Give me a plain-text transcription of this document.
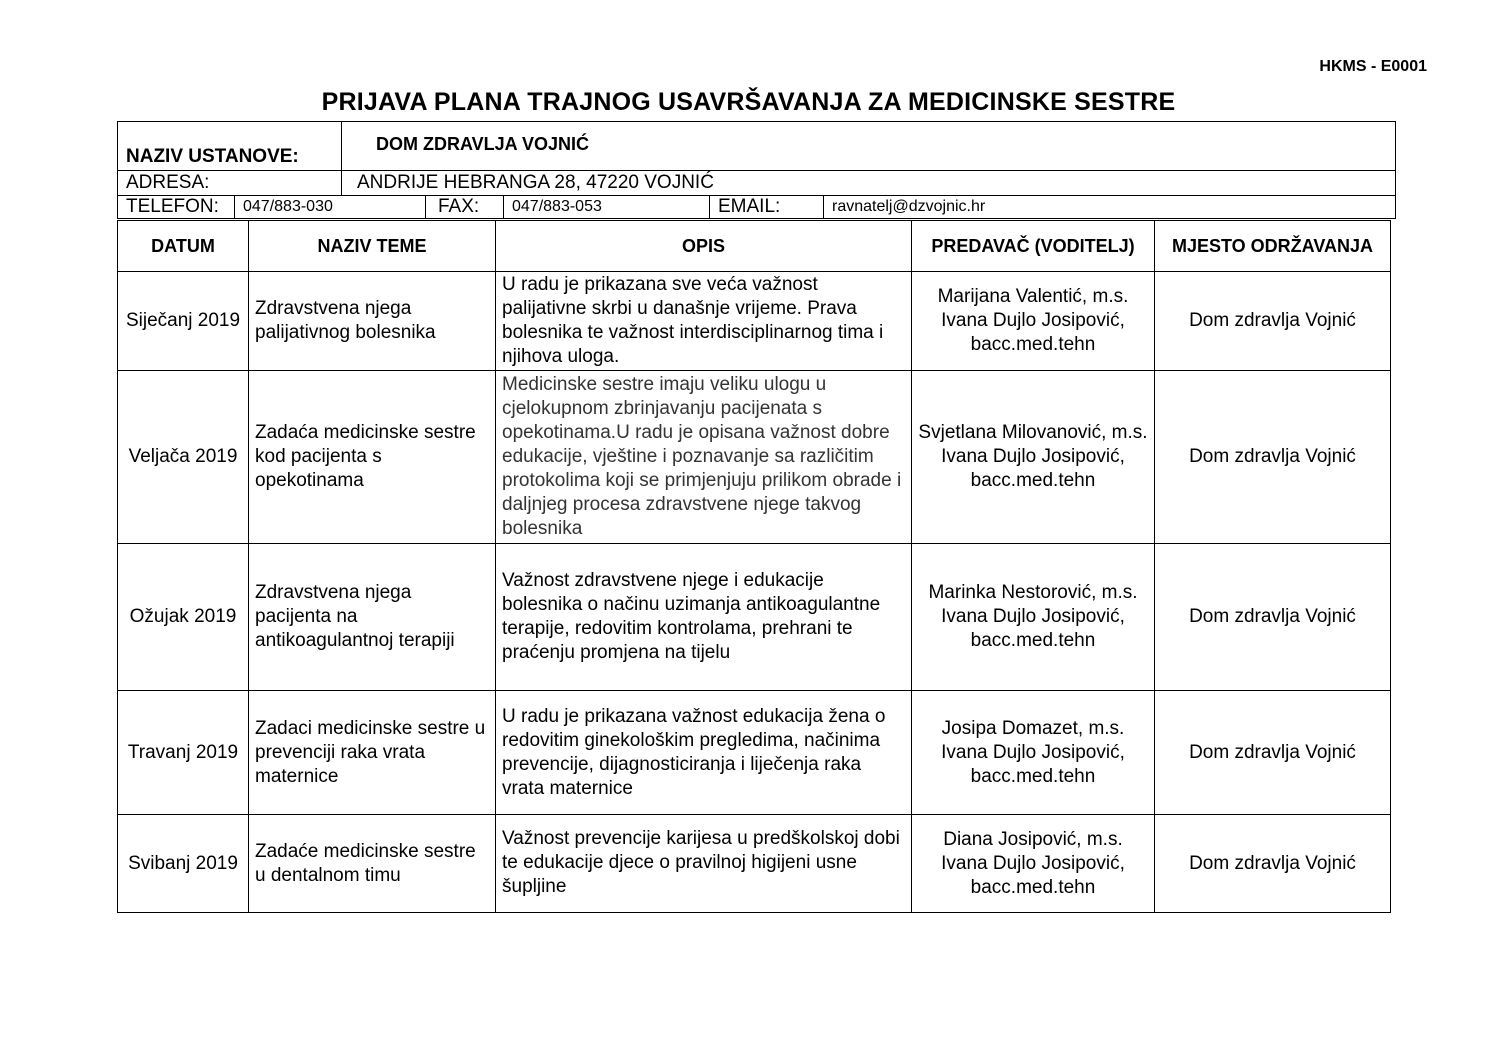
HKMS - E0001
PRIJAVA PLANA TRAJNOG USAVRŠAVANJA ZA MEDICINSKE SESTRE
NAZIV USTANOVE:
DOM ZDRAVLJA VOJNIĆ
ADRESA:	ANDRIJE HEBRANGA 28, 47220 VOJNIĆ
TELEFON:	047/883-030	FAX:	047/883-053	EMAIL:	ravnatelj@dzvojnic.hr
DATUM	NAZIV TEME	OPIS	PREDAVAČ (VODITELJ)	MJESTO ODRŽAVANJA
Siječanj 2019	Zdravstvena njega palijativnog bolesnika	U radu je prikazana sve veća važnost palijativne skrbi u današnje vrijeme. Prava bolesnika te važnost interdisciplinarnog tima i njihova uloga.	Marijana Valentić, m.s. Ivana Dujlo Josipović, bacc.med.tehn	Dom zdravlja Vojnić
Veljača 2019	Zadaća medicinske sestre kod pacijenta s opekotinama	Medicinske sestre imaju veliku ulogu u cjelokupnom zbrinjavanju pacijenata s opekotinama.U radu je opisana važnost dobre edukacije, vještine i poznavanje sa različitim protokolima koji se primjenjuju prilikom obrade i daljnjeg procesa zdravstvene njege takvog bolesnika	Svjetlana Milovanović, m.s. Ivana Dujlo Josipović, bacc.med.tehn	Dom zdravlja Vojnić
Ožujak 2019	Zdravstvena njega pacijenta na antikoagulantnoj terapiji	Važnost zdravstvene njege i edukacije bolesnika o načinu uzimanja antikoagulantne terapije, redovitim kontrolama, prehrani te praćenju promjena na tijelu	Marinka Nestorović, m.s. Ivana Dujlo Josipović, bacc.med.tehn	Dom zdravlja Vojnić
Travanj 2019	Zadaci medicinske sestre u prevenciji raka vrata maternice	U radu je prikazana važnost edukacija žena o redovitim ginekološkim pregledima, načinima prevencije, dijagnosticiranja i liječenja raka vrata maternice	Josipa Domazet, m.s. Ivana Dujlo Josipović, bacc.med.tehn	Dom zdravlja Vojnić
Svibanj 2019	Zadaće medicinske sestre u dentalnom timu	Važnost prevencije karijesa u predškolskoj dobi te edukacije djece o pravilnoj higijeni usne šupljine	Diana Josipović, m.s. Ivana Dujlo Josipović, bacc.med.tehn	Dom zdravlja Vojnić
